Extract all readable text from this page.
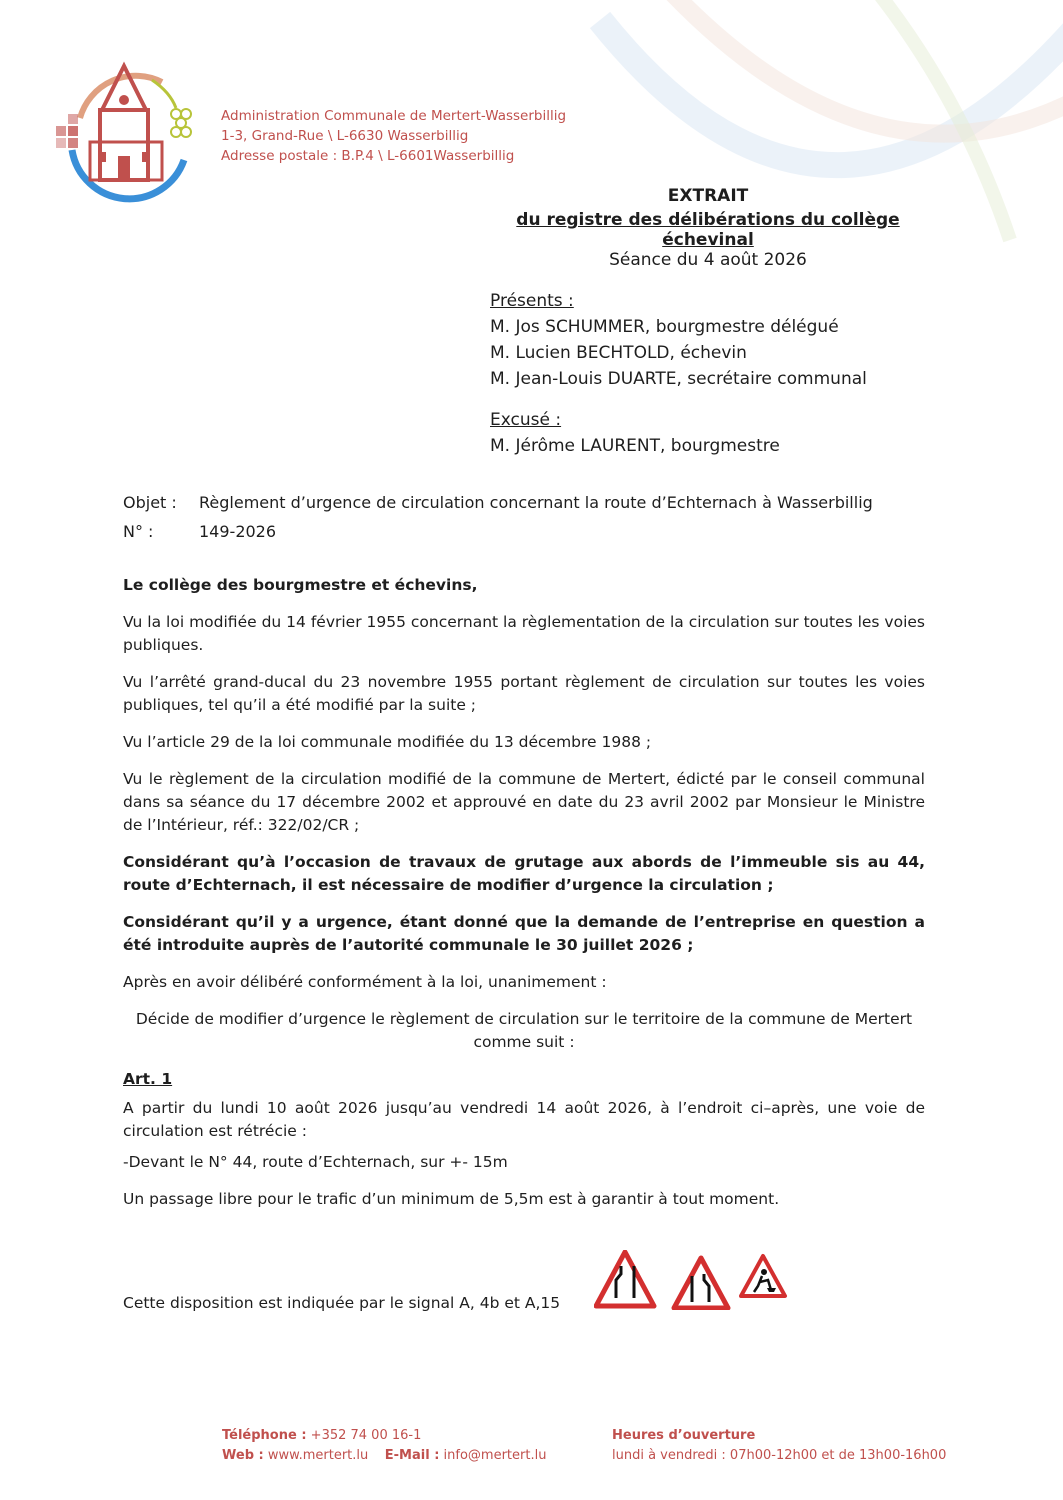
Administration Communale de Mertert-Wasserbillig
1-3, Grand-Rue \ L-6630 Wasserbillig
Adresse postale : B.P.4 \ L-6601Wasserbillig
EXTRAIT
du registre des délibérations du collège échevinal
Séance du 4 août 2026
Présents :
M. Jos SCHUMMER, bourgmestre délégué
M. Lucien BECHTOLD, échevin
M. Jean-Louis DUARTE, secrétaire communal
Excusé :
M. Jérôme LAURENT, bourgmestre
Objet : Règlement d’urgence de circulation concernant la route d’Echternach à Wasserbillig
N° :	149-2026

Le collège des bourgmestre et échevins,

Vu la loi modifiée du 14 février 1955 concernant la règlementation de la circulation sur toutes les voies publiques.

Vu l’arrêté grand-ducal du 23 novembre 1955 portant règlement de circulation sur toutes les voies publiques, tel qu’il a été modifié par la suite ;

Vu l’article 29 de la loi communale modifiée du 13 décembre 1988 ;

Vu le règlement de la circulation modifié de la commune de Mertert, édicté par le conseil communal dans sa séance du 17 décembre 2002 et approuvé en date du 23 avril 2002 par Monsieur le Ministre de l’Intérieur, réf.: 322/02/CR ;

Considérant qu’à l’occasion de travaux de grutage aux abords de l’immeuble sis au 44, route d’Echternach, il est nécessaire de modifier d’urgence la circulation ;

Considérant qu’il y a urgence, étant donné que la demande de l’entreprise en question a été introduite auprès de l’autorité communale le 30 juillet 2026 ;

Après en avoir délibéré conformément à la loi, unanimement :

Décide de modifier d’urgence le règlement de circulation sur le territoire de la commune de Mertert comme suit :

Art. 1

A partir du lundi 10 août 2026 jusqu’au vendredi 14 août 2026, à l’endroit ci–après, une voie de circulation est rétrécie :

-Devant le N° 44, route d’Echternach, sur +- 15m

Un passage libre pour le trafic d’un minimum de 5,5m est à garantir à tout moment.

Cette disposition est indiquée par le signal A, 4b et A,15
Téléphone : +352 74 00 16-1
Web : www.mertert.lu E-Mail : info@mertert.lu
Heures d’ouverture
lundi à vendredi : 07h00-12h00 et de 13h00-16h00
